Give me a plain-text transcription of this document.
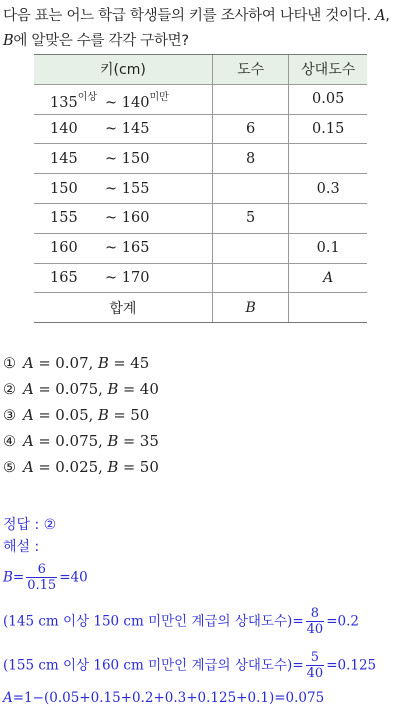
다음 표는 어느 학급 학생들의 키를 조사하여 나타낸 것이다. A,
B에 알맞은 수를 각각 구하면?
키(cm)	도수	상대도수
$135^{이상}$ ~ $140^{미만}$		0.05
140 ~ 145	6	0.15
145 ~ 150	8	
150 ~ 155		0.3
155 ~ 160	5	
160 ~ 165		0.1
165 ~ 170		A
합계	B	
① A = 0.07, B = 45
② A = 0.075, B = 40
③ A = 0.05, B = 50
④ A = 0.075, B = 35
⑤ A = 0.025, B = 50
정답 : ②
해설 :
$B= \frac{6}{0.15} =40$
(145 cm 이상 150 cm 미만인 계급의 상대도수)= $\frac{8}{40} =0.2$
(155 cm 이상 160 cm 미만인 계급의 상대도수)= $\frac{5}{40} =0.125$
A=1−(0.05+0.15+0.2+0.3+0.125+0.1)=0.075
